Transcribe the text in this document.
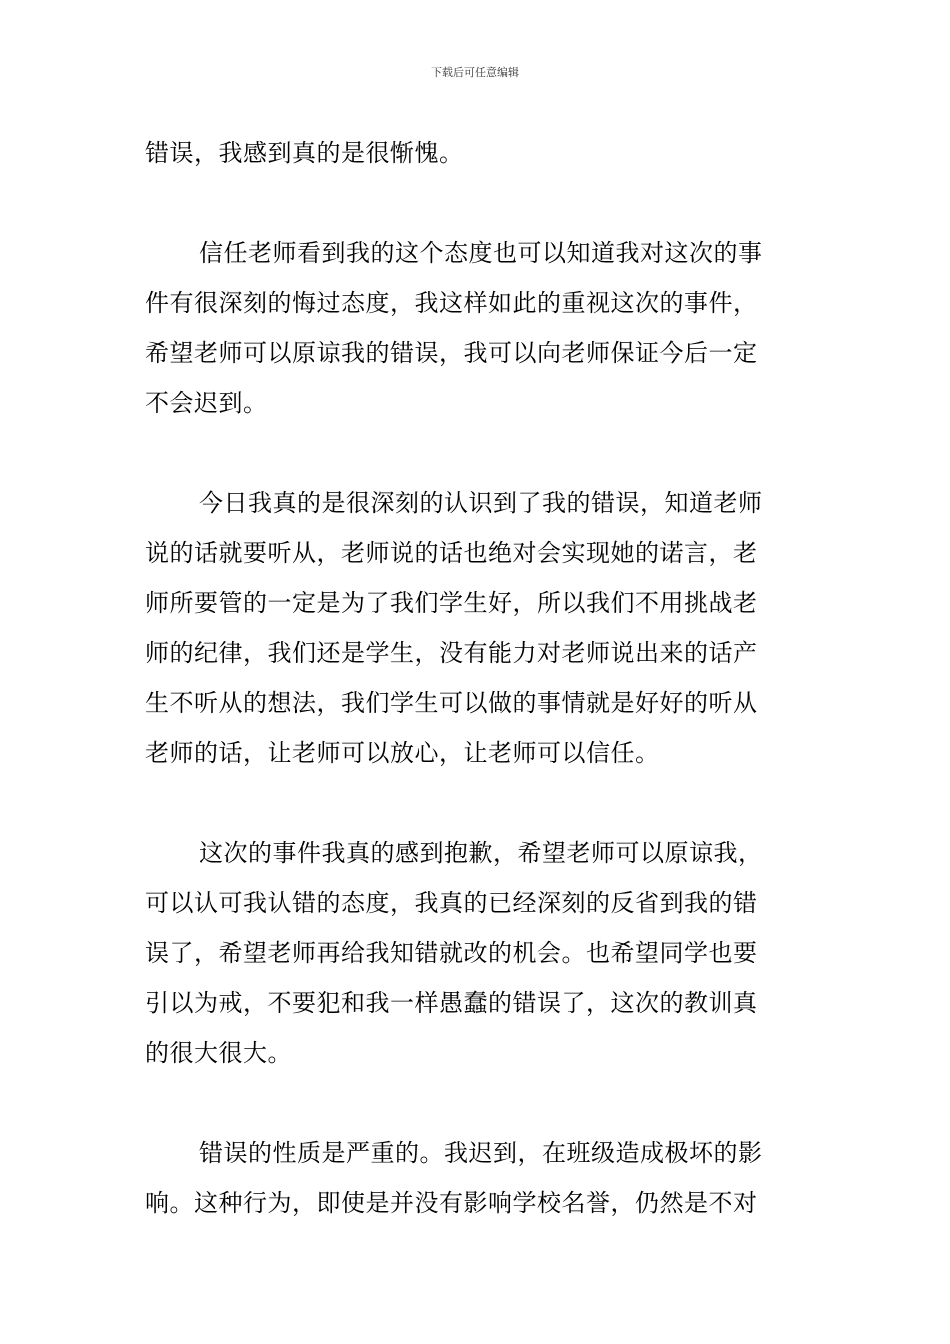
下载后可任意编辑
错误，我感到真的是很惭愧。
信任老师看到我的这个态度也可以知道我对这次的事
件有很深刻的悔过态度，我这样如此的重视这次的事件，
希望老师可以原谅我的错误，我可以向老师保证今后一定
不会迟到。
今日我真的是很深刻的认识到了我的错误，知道老师
说的话就要听从，老师说的话也绝对会实现她的诺言，老
师所要管的一定是为了我们学生好，所以我们不用挑战老
师的纪律，我们还是学生，没有能力对老师说出来的话产
生不听从的想法，我们学生可以做的事情就是好好的听从
老师的话，让老师可以放心，让老师可以信任。
这次的事件我真的感到抱歉，希望老师可以原谅我，
可以认可我认错的态度，我真的已经深刻的反省到我的错
误了，希望老师再给我知错就改的机会。也希望同学也要
引以为戒，不要犯和我一样愚蠢的错误了，这次的教训真
的很大很大。
错误的性质是严重的。我迟到，在班级造成极坏的影
响。这种行为，即使是并没有影响学校名誉，仍然是不对
